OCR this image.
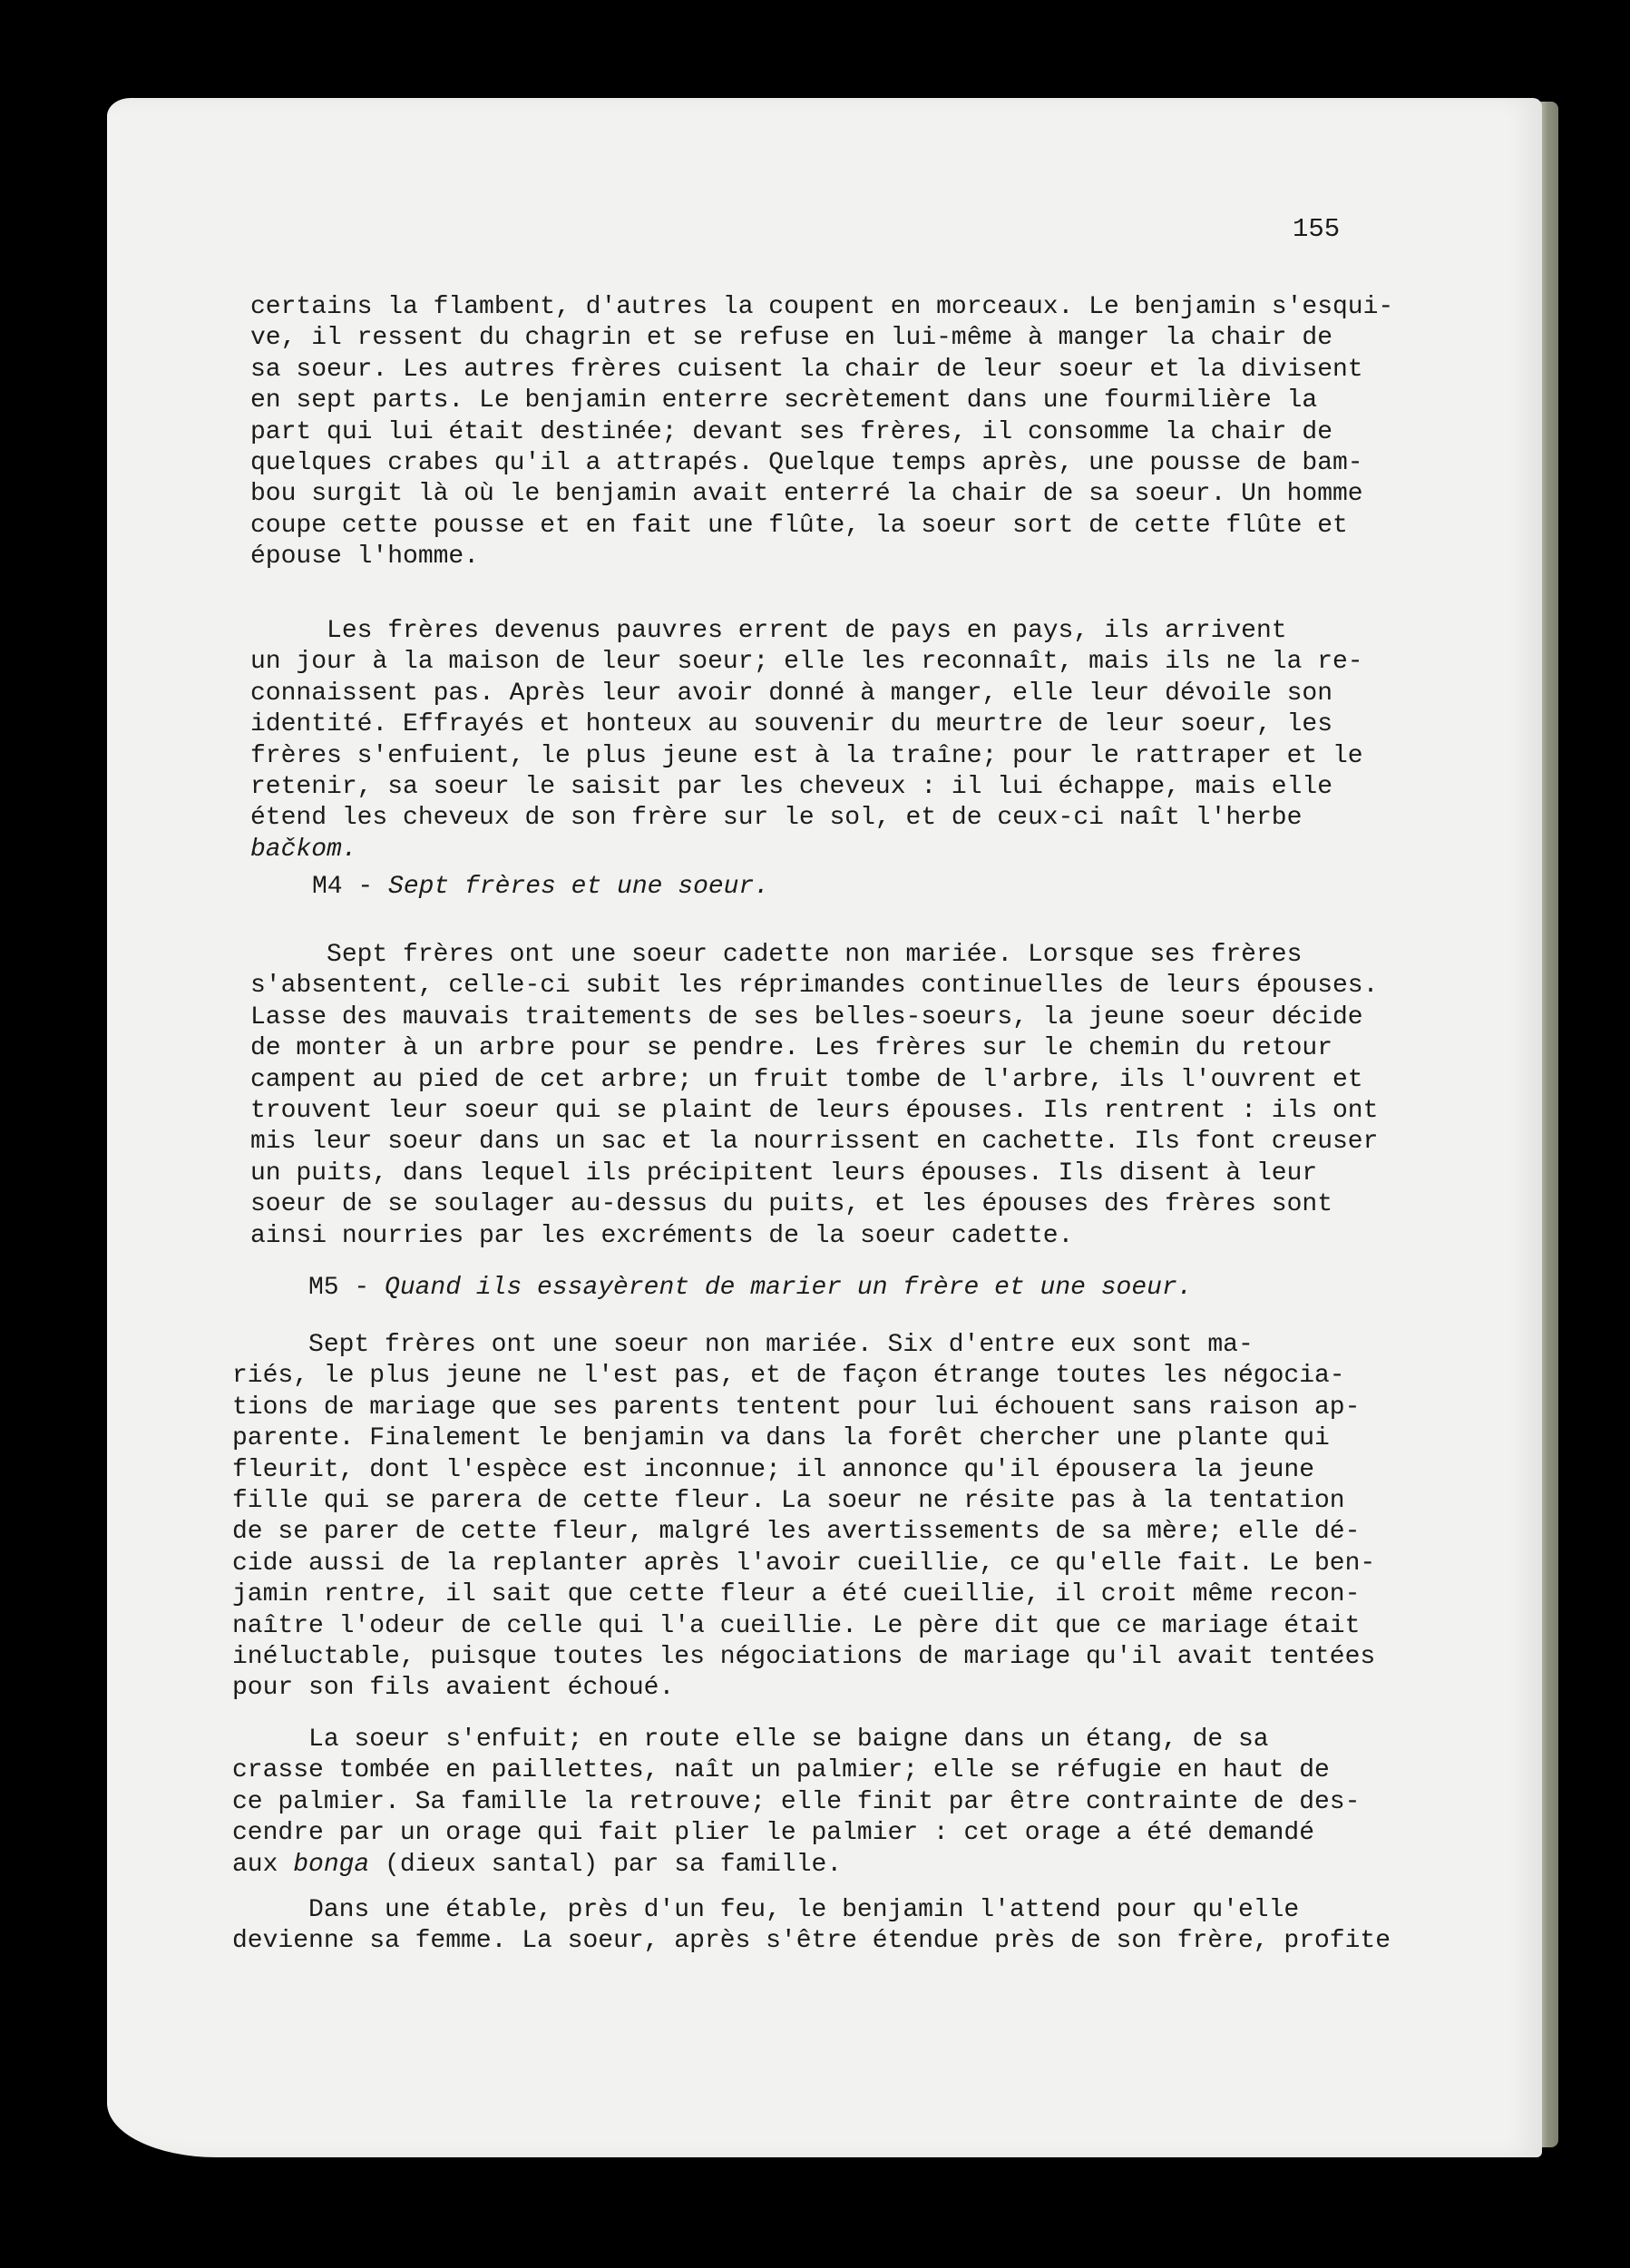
155
certains la flambent, d'autres la coupent en morceaux. Le benjamin s'esqui-
ve, il ressent du chagrin et se refuse en lui-même à manger la chair de
sa soeur. Les autres frères cuisent la chair de leur soeur et la divisent
en sept parts. Le benjamin enterre secrètement dans une fourmilière la
part qui lui était destinée; devant ses frères, il consomme la chair de
quelques crabes qu'il a attrapés. Quelque temps après, une pousse de bam-
bou surgit là où le benjamin avait enterré la chair de sa soeur. Un homme
coupe cette pousse et en fait une flûte, la soeur sort de cette flûte et
épouse l'homme.
Les frères devenus pauvres errent de pays en pays, ils arrivent
un jour à la maison de leur soeur; elle les reconnaît, mais ils ne la re-
connaissent pas. Après leur avoir donné à manger, elle leur dévoile son
identité. Effrayés et honteux au souvenir du meurtre de leur soeur, les
frères s'enfuient, le plus jeune est à la traîne; pour le rattraper et le
retenir, sa soeur le saisit par les cheveux : il lui échappe, mais elle
étend les cheveux de son frère sur le sol, et de ceux-ci naît l'herbe
bačkom.
M4 - Sept frères et une soeur.
Sept frères ont une soeur cadette non mariée. Lorsque ses frères
s'absentent, celle-ci subit les réprimandes continuelles de leurs épouses.
Lasse des mauvais traitements de ses belles-soeurs, la jeune soeur décide
de monter à un arbre pour se pendre. Les frères sur le chemin du retour
campent au pied de cet arbre; un fruit tombe de l'arbre, ils l'ouvrent et
trouvent leur soeur qui se plaint de leurs épouses. Ils rentrent : ils ont
mis leur soeur dans un sac et la nourrissent en cachette. Ils font creuser
un puits, dans lequel ils précipitent leurs épouses. Ils disent à leur
soeur de se soulager au-dessus du puits, et les épouses des frères sont
ainsi nourries par les excréments de la soeur cadette.
M5 - Quand ils essayèrent de marier un frère et une soeur.
Sept frères ont une soeur non mariée. Six d'entre eux sont ma-
riés, le plus jeune ne l'est pas, et de façon étrange toutes les négocia-
tions de mariage que ses parents tentent pour lui échouent sans raison ap-
parente. Finalement le benjamin va dans la forêt chercher une plante qui
fleurit, dont l'espèce est inconnue; il annonce qu'il épousera la jeune
fille qui se parera de cette fleur. La soeur ne résite pas à la tentation
de se parer de cette fleur, malgré les avertissements de sa mère; elle dé-
cide aussi de la replanter après l'avoir cueillie, ce qu'elle fait. Le ben-
jamin rentre, il sait que cette fleur a été cueillie, il croit même recon-
naître l'odeur de celle qui l'a cueillie. Le père dit que ce mariage était
inéluctable, puisque toutes les négociations de mariage qu'il avait tentées
pour son fils avaient échoué.
La soeur s'enfuit; en route elle se baigne dans un étang, de sa
crasse tombée en paillettes, naît un palmier; elle se réfugie en haut de
ce palmier. Sa famille la retrouve; elle finit par être contrainte de des-
cendre par un orage qui fait plier le palmier : cet orage a été demandé
aux bonga (dieux santal) par sa famille.
Dans une étable, près d'un feu, le benjamin l'attend pour qu'elle
devienne sa femme. La soeur, après s'être étendue près de son frère, profite
